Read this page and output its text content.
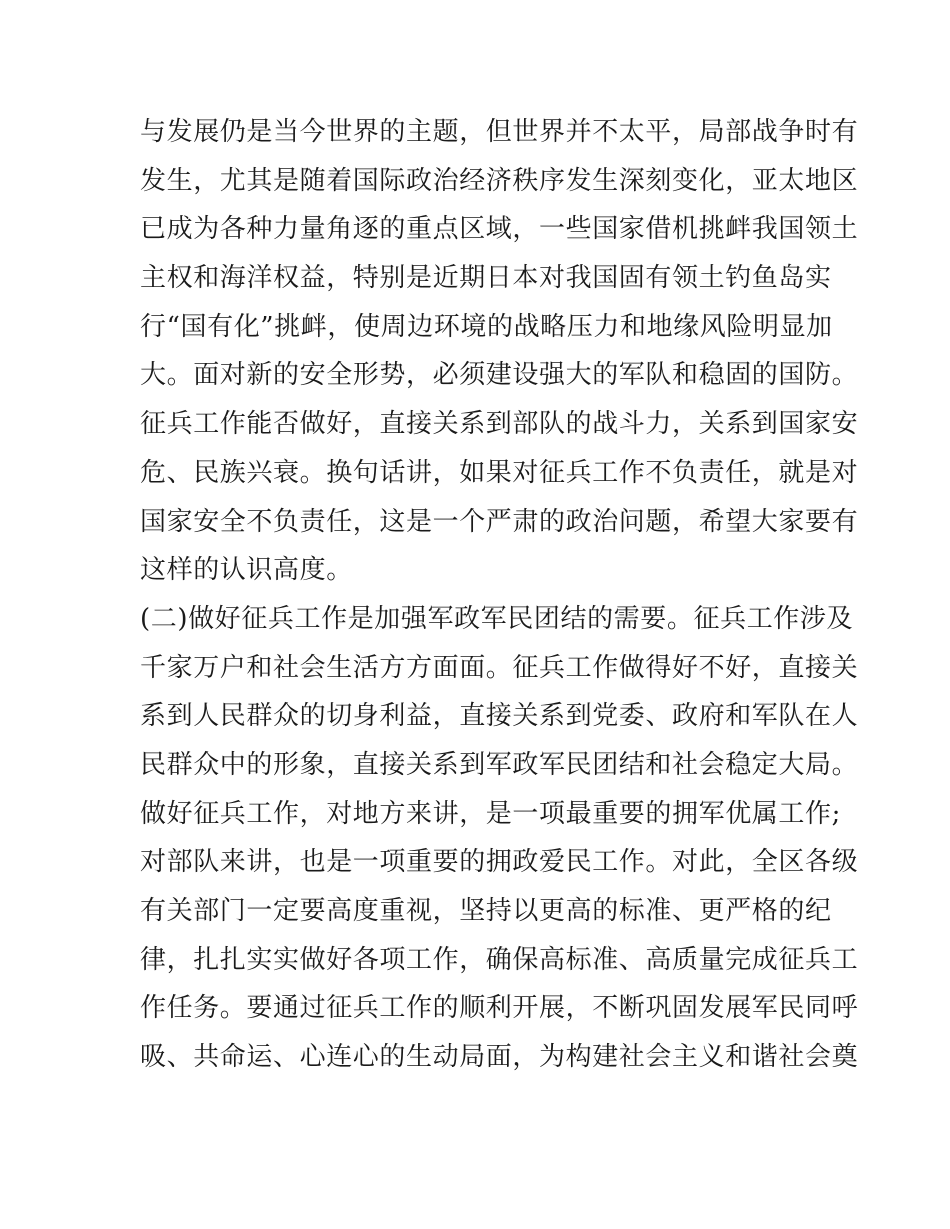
与发展仍是当今世界的主题，但世界并不太平，局部战争时有
发生，尤其是随着国际政治经济秩序发生深刻变化，亚太地区
已成为各种力量角逐的重点区域，一些国家借机挑衅我国领土
主权和海洋权益，特别是近期日本对我国固有领土钓鱼岛实
行“国有化”挑衅，使周边环境的战略压力和地缘风险明显加
大。面对新的安全形势，必须建设强大的军队和稳固的国防。
征兵工作能否做好，直接关系到部队的战斗力，关系到国家安
危、民族兴衰。换句话讲，如果对征兵工作不负责任，就是对
国家安全不负责任，这是一个严肃的政治问题，希望大家要有
这样的认识高度。
(二)做好征兵工作是加强军政军民团结的需要。征兵工作涉及
千家万户和社会生活方方面面。征兵工作做得好不好，直接关
系到人民群众的切身利益，直接关系到党委、政府和军队在人
民群众中的形象，直接关系到军政军民团结和社会稳定大局。
做好征兵工作，对地方来讲，是一项最重要的拥军优属工作;
对部队来讲，也是一项重要的拥政爱民工作。对此，全区各级
有关部门一定要高度重视，坚持以更高的标准、更严格的纪
律，扎扎实实做好各项工作，确保高标准、高质量完成征兵工
作任务。要通过征兵工作的顺利开展，不断巩固发展军民同呼
吸、共命运、心连心的生动局面，为构建社会主义和谐社会奠
